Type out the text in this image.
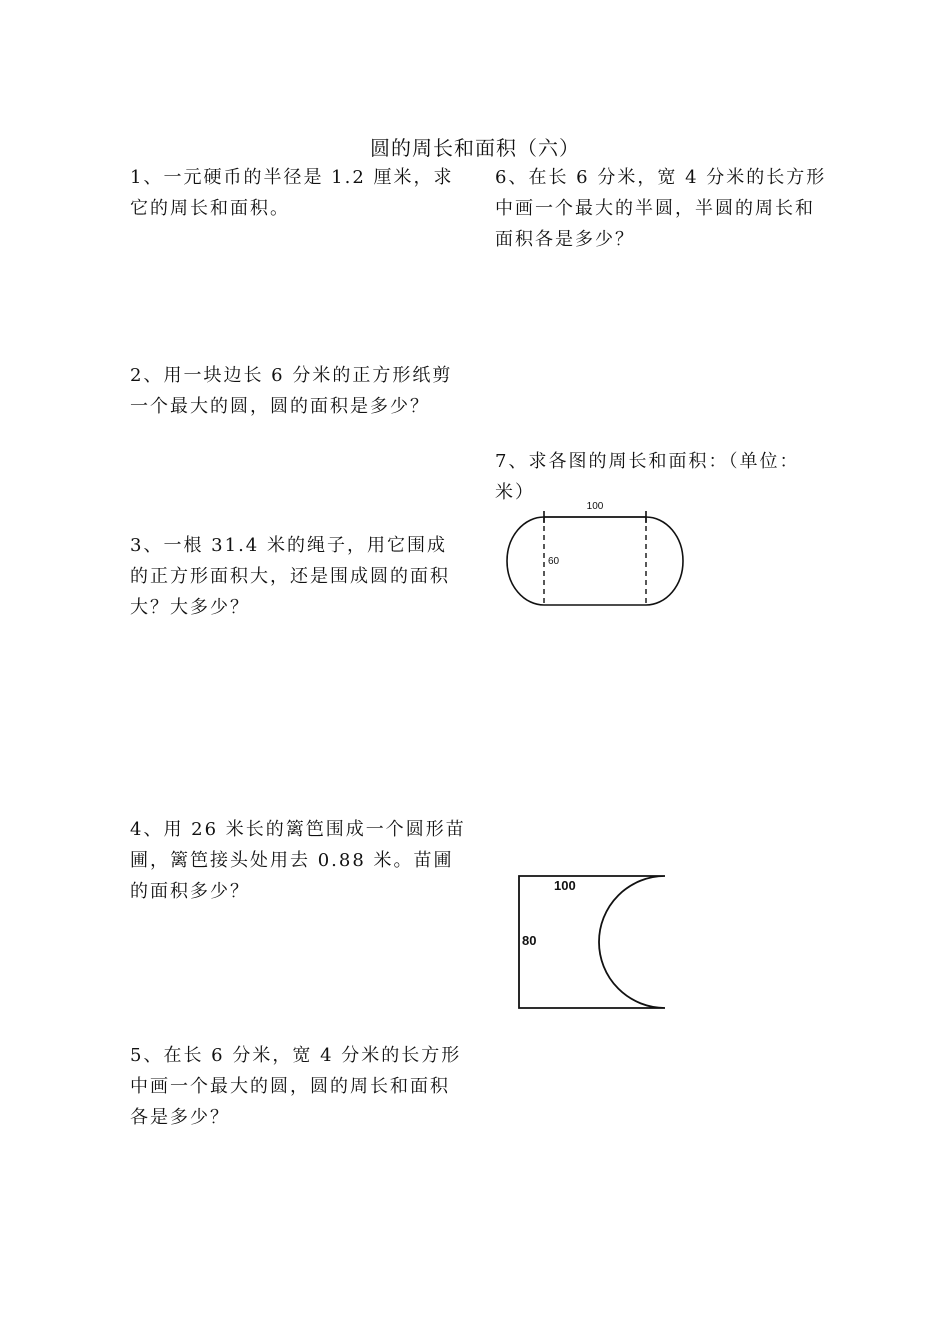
圆的周长和面积（六）

1、一元硬币的半径是 1.2 厘米，求它的周长和面积。

2、用一块边长 6 分米的正方形纸剪一个最大的圆，圆的面积是多少？

3、一根 31.4 米的绳子，用它围成的正方形面积大，还是围成圆的面积大？大多少？

4、用 26 米长的篱笆围成一个圆形苗圃，篱笆接头处用去 0.88 米。苗圃的面积多少？

5、在长 6 分米，宽 4 分米的长方形中画一个最大的圆，圆的周长和面积各是多少？

6、在长 6 分米，宽 4 分米的长方形中画一个最大的半圆，半圆的周长和面积各是多少？

7、求各图的周长和面积：（单位：米）

100
60
100
80
